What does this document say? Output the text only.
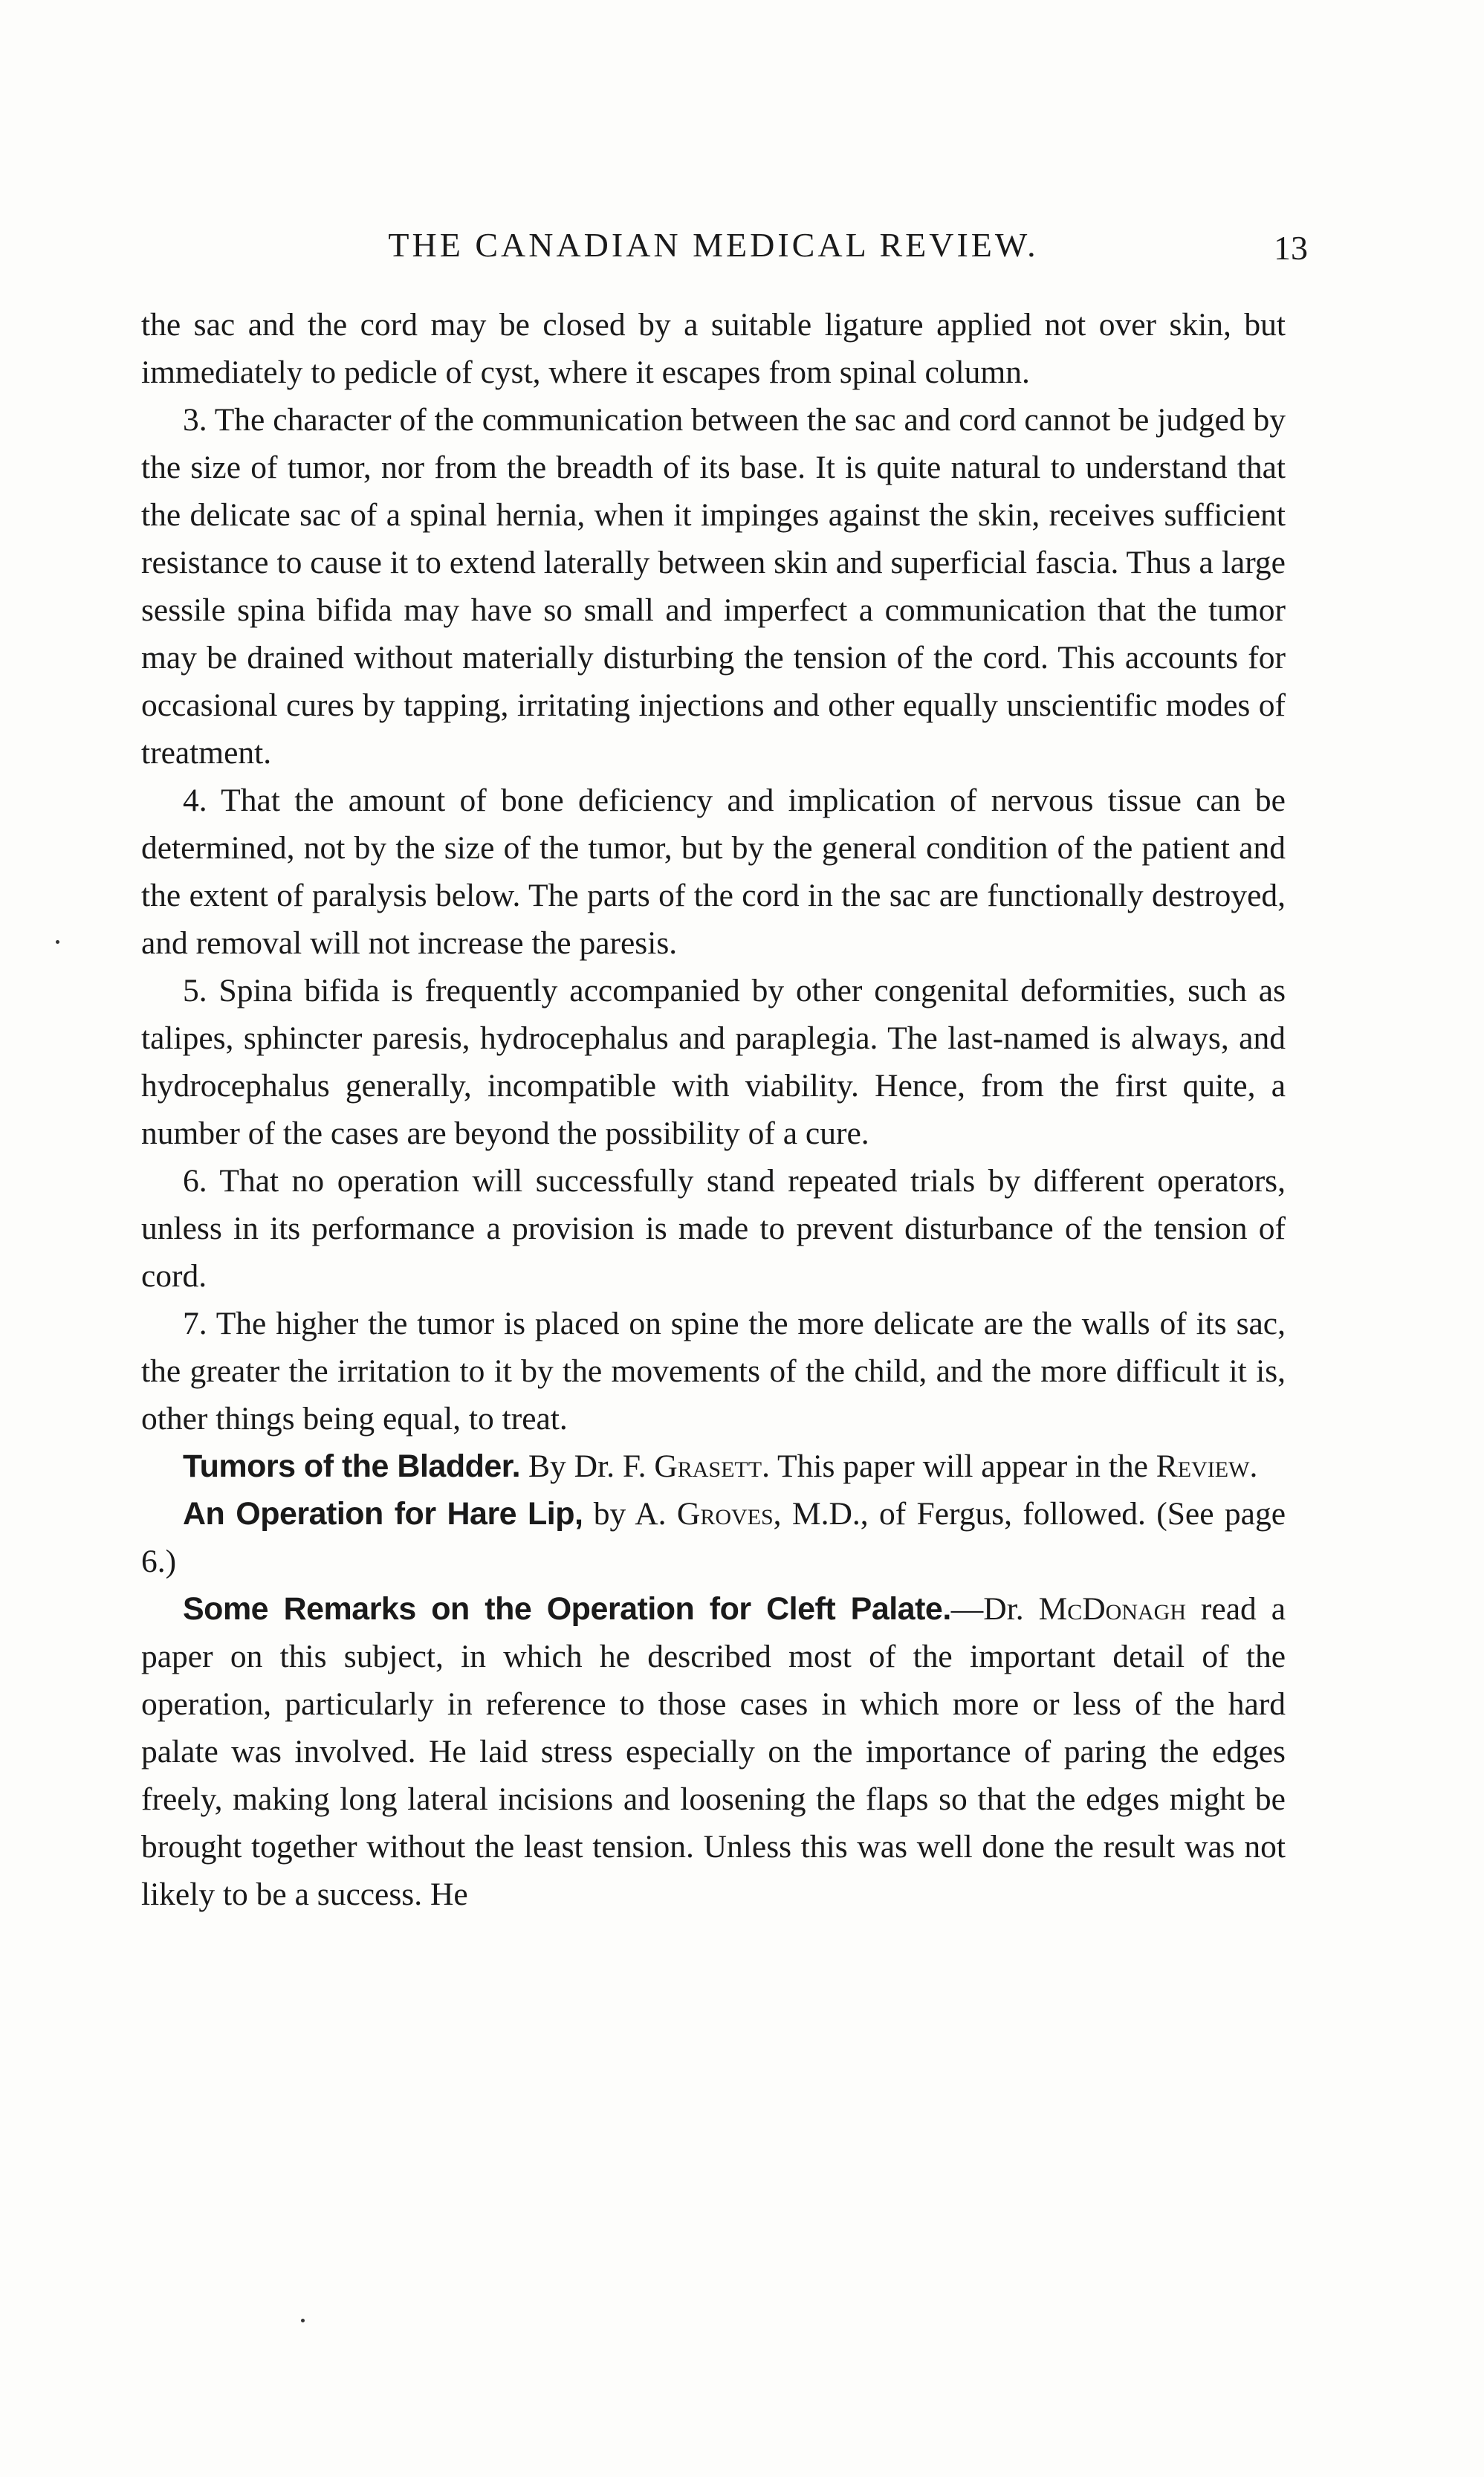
THE CANADIAN MEDICAL REVIEW.	13

the sac and the cord may be closed by a suitable ligature applied not over skin, but immediately to pedicle of cyst, where it escapes from spinal column.

3. The character of the communication between the sac and cord cannot be judged by the size of tumor, nor from the breadth of its base. It is quite natural to understand that the delicate sac of a spinal hernia, when it impinges against the skin, receives sufficient resistance to cause it to extend laterally between skin and superficial fascia. Thus a large sessile spina bifida may have so small and imperfect a communication that the tumor may be drained without materially disturbing the tension of the cord. This accounts for occasional cures by tapping, irritating injections and other equally unscientific modes of treatment.

4. That the amount of bone deficiency and implication of nervous tissue can be determined, not by the size of the tumor, but by the general condition of the patient and the extent of paralysis below. The parts of the cord in the sac are functionally destroyed, and removal will not increase the paresis.

5. Spina bifida is frequently accompanied by other congenital deformities, such as talipes, sphincter paresis, hydrocephalus and paraplegia. The last-named is always, and hydrocephalus generally, incompatible with viability. Hence, from the first quite, a number of the cases are beyond the possibility of a cure.

6. That no operation will successfully stand repeated trials by different operators, unless in its performance a provision is made to prevent disturbance of the tension of cord.

7. The higher the tumor is placed on spine the more delicate are the walls of its sac, the greater the irritation to it by the movements of the child, and the more difficult it is, other things being equal, to treat.

Tumors of the Bladder. By Dr. F. Grasett. This paper will appear in the Review.

An Operation for Hare Lip, by A. Groves, M.D., of Fergus, followed. (See page 6.)

Some Remarks on the Operation for Cleft Palate.—Dr. McDonagh read a paper on this subject, in which he described most of the important detail of the operation, particularly in reference to those cases in which more or less of the hard palate was involved. He laid stress especially on the importance of paring the edges freely, making long lateral incisions and loosening the flaps so that the edges might be brought together without the least tension. Unless this was well done the result was not likely to be a success. He
